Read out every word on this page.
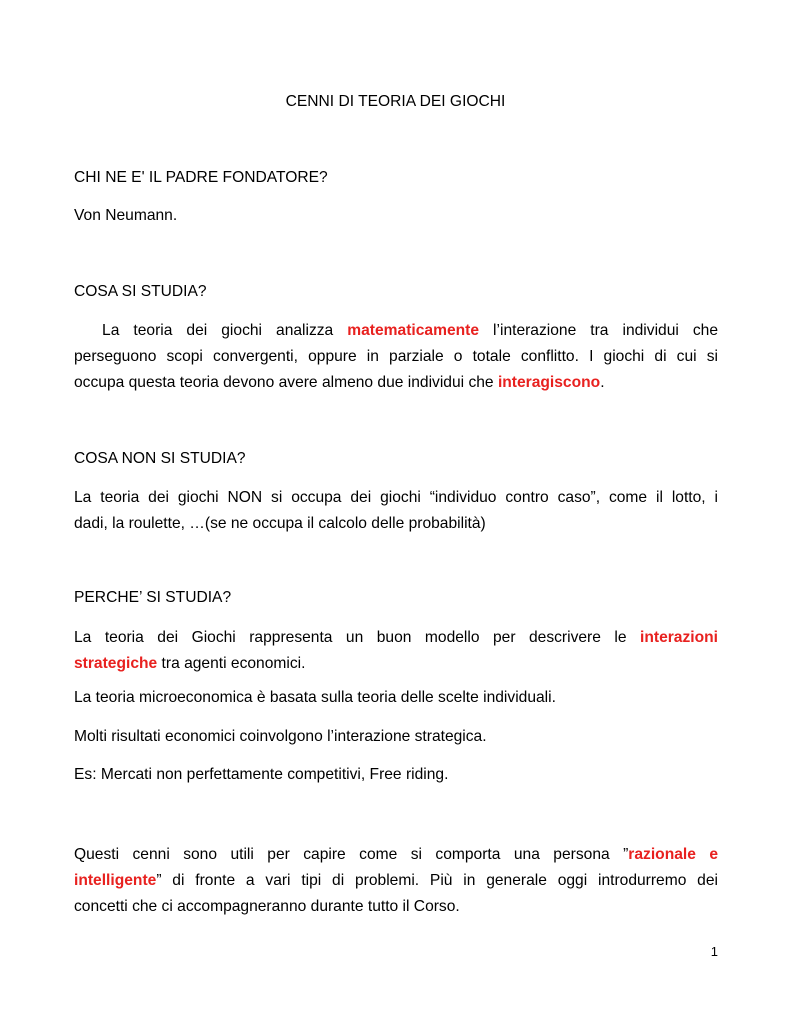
CENNI DI TEORIA DEI GIOCHI
CHI NE E' IL PADRE FONDATORE?
Von Neumann.
COSA SI STUDIA?
La teoria dei giochi analizza matematicamente l’interazione tra individui che
perseguono scopi convergenti, oppure in parziale o totale conflitto. I giochi di cui si
occupa questa teoria devono avere almeno due individui che interagiscono.
COSA NON SI STUDIA?
La teoria dei giochi NON si occupa dei giochi “individuo contro caso”, come il lotto, i
dadi, la roulette, …(se ne occupa il calcolo delle probabilità)
PERCHE’ SI STUDIA?
La teoria dei Giochi rappresenta un buon modello per descrivere le interazioni
strategiche tra agenti economici.
La teoria microeconomica è basata sulla teoria delle scelte individuali.
Molti risultati economici coinvolgono l’interazione strategica.
Es: Mercati non perfettamente competitivi, Free riding.
Questi cenni sono utili per capire come si comporta una persona ”razionale e
intelligente” di fronte a vari tipi di problemi. Più in generale oggi introdurremo dei
concetti che ci accompagneranno durante tutto il Corso.
1
